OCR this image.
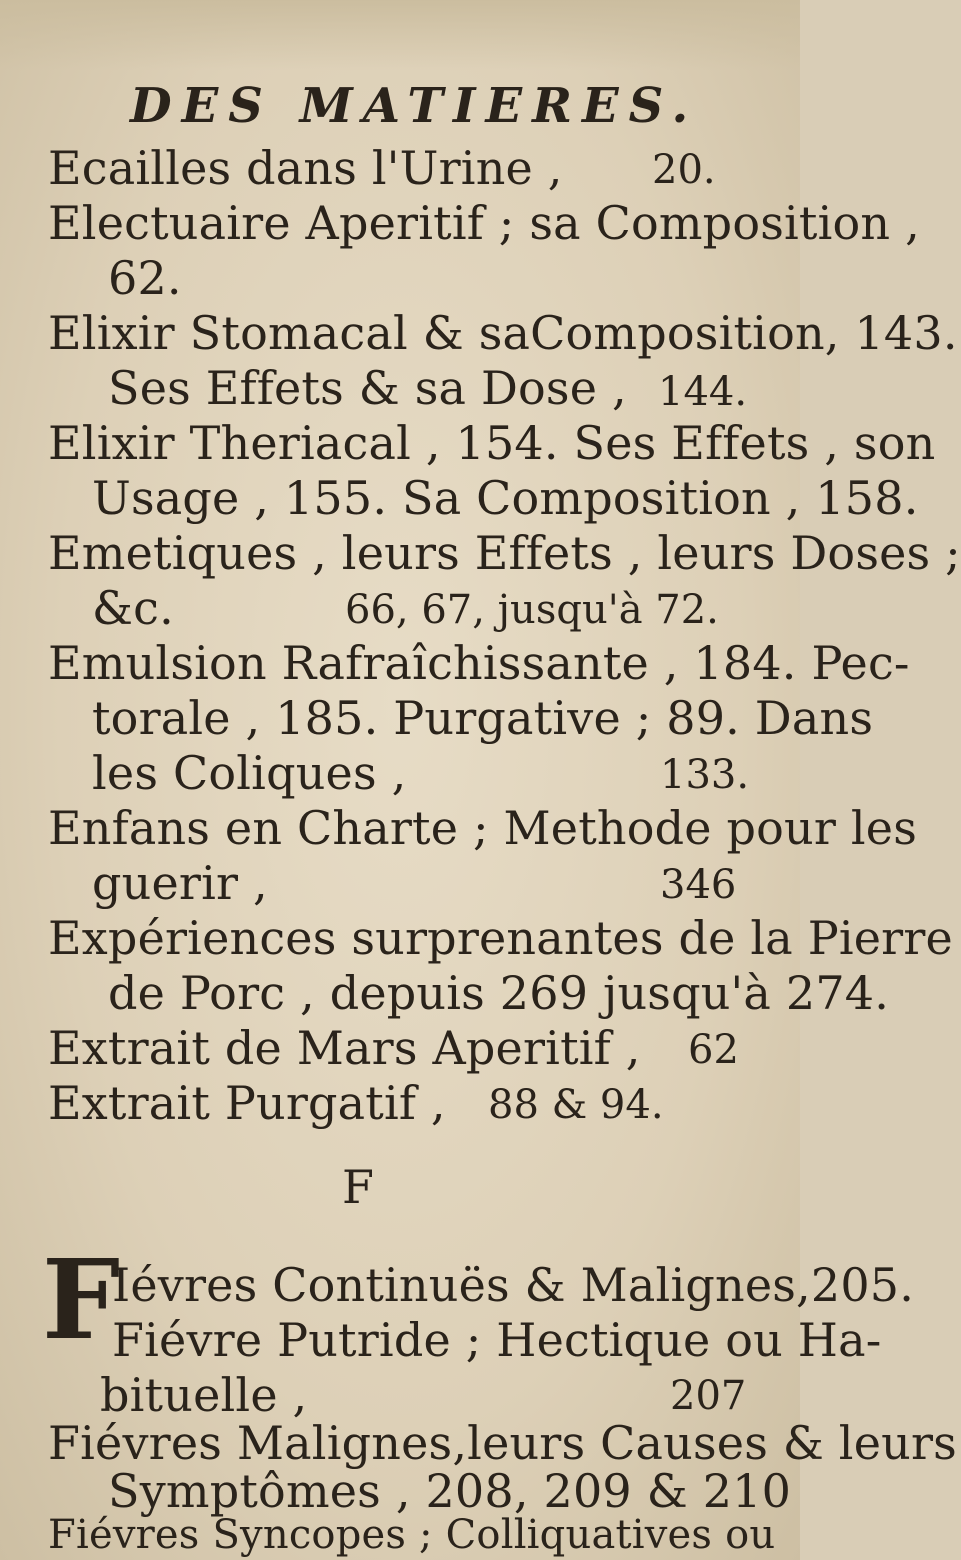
DES MATIERES.
Ecailles dans l'Urine , 20.
Electuaire Aperitif ; sa Composition ,
62.
Elixir Stomacal & saComposition, 143.
Ses Effets & sa Dose , 144.
Elixir Theriacal , 154. Ses Effets , son
Usage , 155. Sa Composition , 158.
Emetiques , leurs Effets , leurs Doses ;
&c.	66, 67, jusqu'à 72.
Emulsion Rafraîchissante , 184. Pec-
torale , 185. Purgative ; 89. Dans
les Coliques ,	133.
Enfans en Charte ; Methode pour les
guerir ,	346
Expériences surprenantes de la Pierre
de Porc , depuis 269 jusqu'à 274.
Extrait de Mars Aperitif , 62
Extrait Purgatif , 88 & 94.
F
F
Iévres Continuës & Malignes,205.
Fiévre Putride ; Hectique ou Ha-
bituelle ,	207
Fiévres Malignes,leurs Causes & leurs
Symptômes , 208, 209 & 210
Fiévres Syncopes ; Colliquatives ou
